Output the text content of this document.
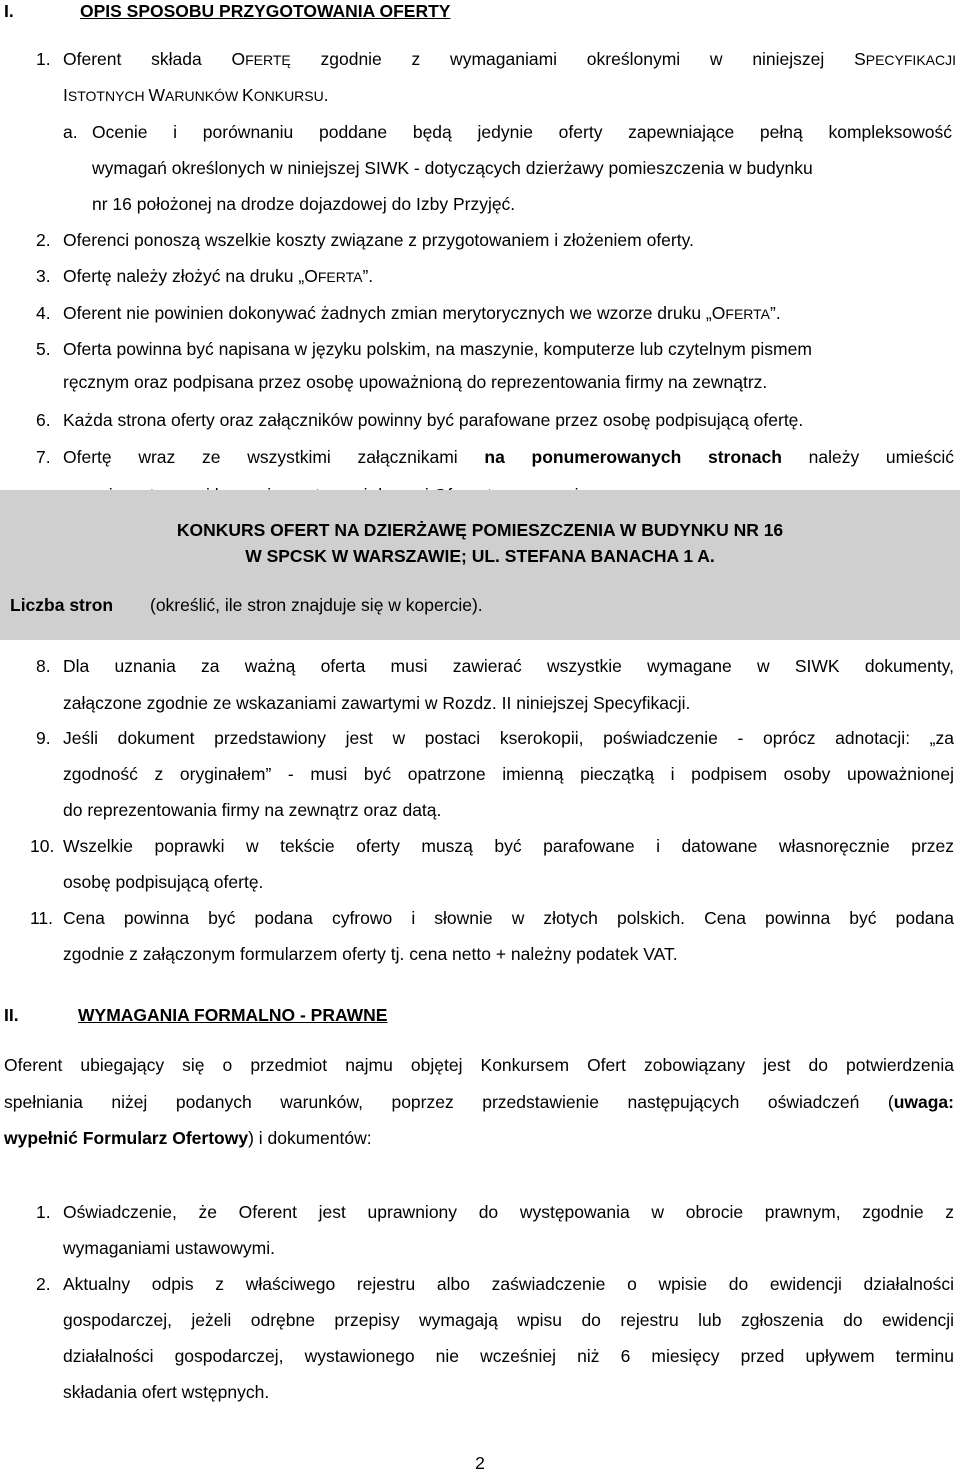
I.	OPIS SPOSOBU PRZYGOTOWANIA OFERTY
1. Oferent składa OFERTĘ zgodnie z wymaganiami określonymi w niniejszej SPECYFIKACJI
ISTOTNYCH WARUNKÓW KONKURSU.
a. Ocenie i porównaniu poddane będą jedynie oferty zapewniające pełną kompleksowość
wymagań określonych w niniejszej SIWK - dotyczących dzierżawy pomieszczenia w budynku
nr 16 położonej na drodze dojazdowej do Izby Przyjęć.
2. Oferenci ponoszą wszelkie koszty związane z przygotowaniem i złożeniem oferty.
3. Ofertę należy złożyć na druku „OFERTA”.
4. Oferent nie powinien dokonywać żadnych zmian merytorycznych we wzorze druku „OFERTA”.
5. Oferta powinna być napisana w języku polskim, na maszynie, komputerze lub czytelnym pismem
ręcznym oraz podpisana przez osobę upoważnioną do reprezentowania firmy na zewnątrz.
6. Każda strona oferty oraz załączników powinny być parafowane przez osobę podpisującą ofertę.
7. Ofertę wraz ze wszystkimi załącznikami na ponumerowanych stronach należy umieścić
KONKURS OFERT NA DZIERŻAWĘ POMIESZCZENIA W BUDYNKU NR 16
W SPCSK W WARSZAWIE; UL. STEFANA BANACHA 1 A.
Liczba stron (określić, ile stron znajduje się w kopercie).
8. Dla uznania za ważną oferta musi zawierać wszystkie wymagane w SIWK dokumenty,
załączone zgodnie ze wskazaniami zawartymi w Rozdz. II niniejszej Specyfikacji.
9. Jeśli dokument przedstawiony jest w postaci kserokopii, poświadczenie - oprócz adnotacji: „za
zgodność z oryginałem” - musi być opatrzone imienną pieczątką i podpisem osoby upoważnionej
do reprezentowania firmy na zewnątrz oraz datą.
10. Wszelkie poprawki w tekście oferty muszą być parafowane i datowane własnoręcznie przez
osobę podpisującą ofertę.
11. Cena powinna być podana cyfrowo i słownie w złotych polskich. Cena powinna być podana
zgodnie z załączonym formularzem oferty tj. cena netto + należny podatek VAT.
II.	WYMAGANIA FORMALNO - PRAWNE
Oferent ubiegający się o przedmiot najmu objętej Konkursem Ofert zobowiązany jest do potwierdzenia
spełniania niżej podanych warunków, poprzez przedstawienie następujących oświadczeń (uwaga:
wypełnić Formularz Ofertowy) i dokumentów:
1. Oświadczenie, że Oferent jest uprawniony do występowania w obrocie prawnym, zgodnie z
wymaganiami ustawowymi.
2. Aktualny odpis z właściwego rejestru albo zaświadczenie o wpisie do ewidencji działalności
gospodarczej, jeżeli odrębne przepisy wymagają wpisu do rejestru lub zgłoszenia do ewidencji
działalności gospodarczej, wystawionego nie wcześniej niż 6 miesięcy przed upływem terminu
składania ofert wstępnych.
2
